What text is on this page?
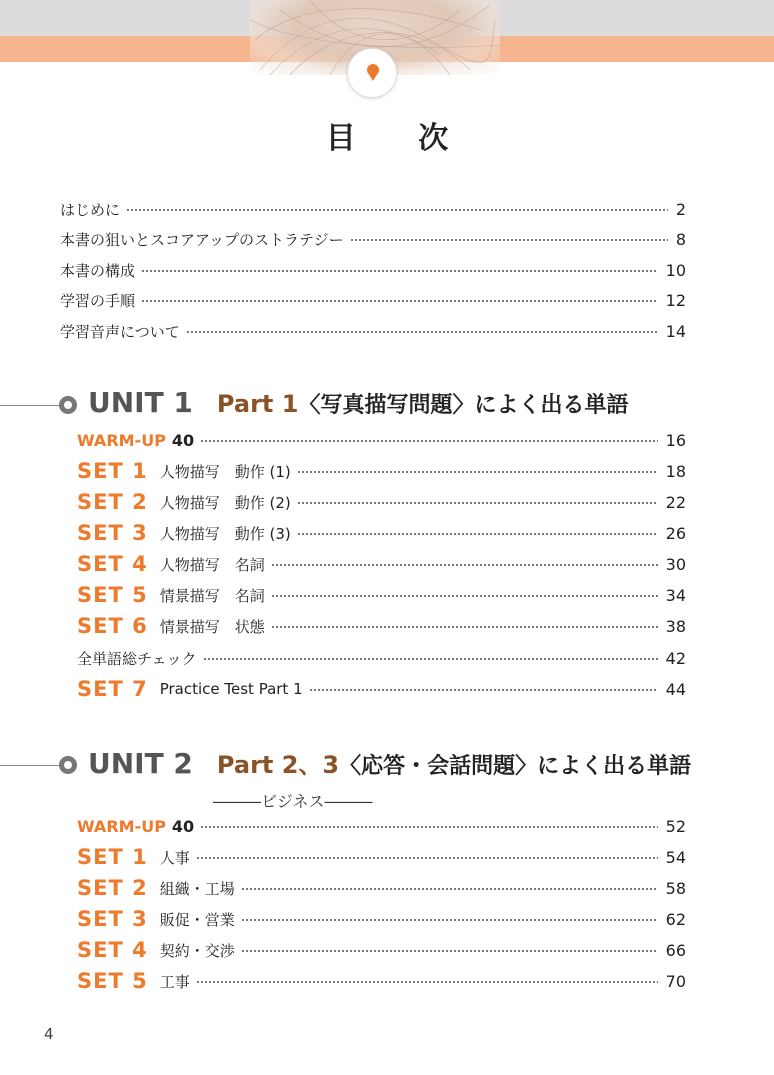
目 次
はじめに	2
本書の狙いとスコアアップのストラテジー	8
本書の構成	10
学習の手順	12
学習音声について	14
UNIT 1 Part 1 〈写真描写問題〉によく出る単語
WARM-UP 40	16
SET 1 人物描写　動作 (1)	18
SET 2 人物描写　動作 (2)	22
SET 3 人物描写　動作 (3)	26
SET 4 人物描写　名詞	30
SET 5 情景描写　名詞	34
SET 6 情景描写　状態	38
全単語総チェック	42
SET 7 Practice Test Part 1	44
UNIT 2 Part 2、3 〈応答・会話問題〉によく出る単語
―――ビジネス―――
WARM-UP 40	52
SET 1 人事	54
SET 2 組織・工場	58
SET 3 販促・営業	62
SET 4 契約・交渉	66
SET 5 工事	70
4
